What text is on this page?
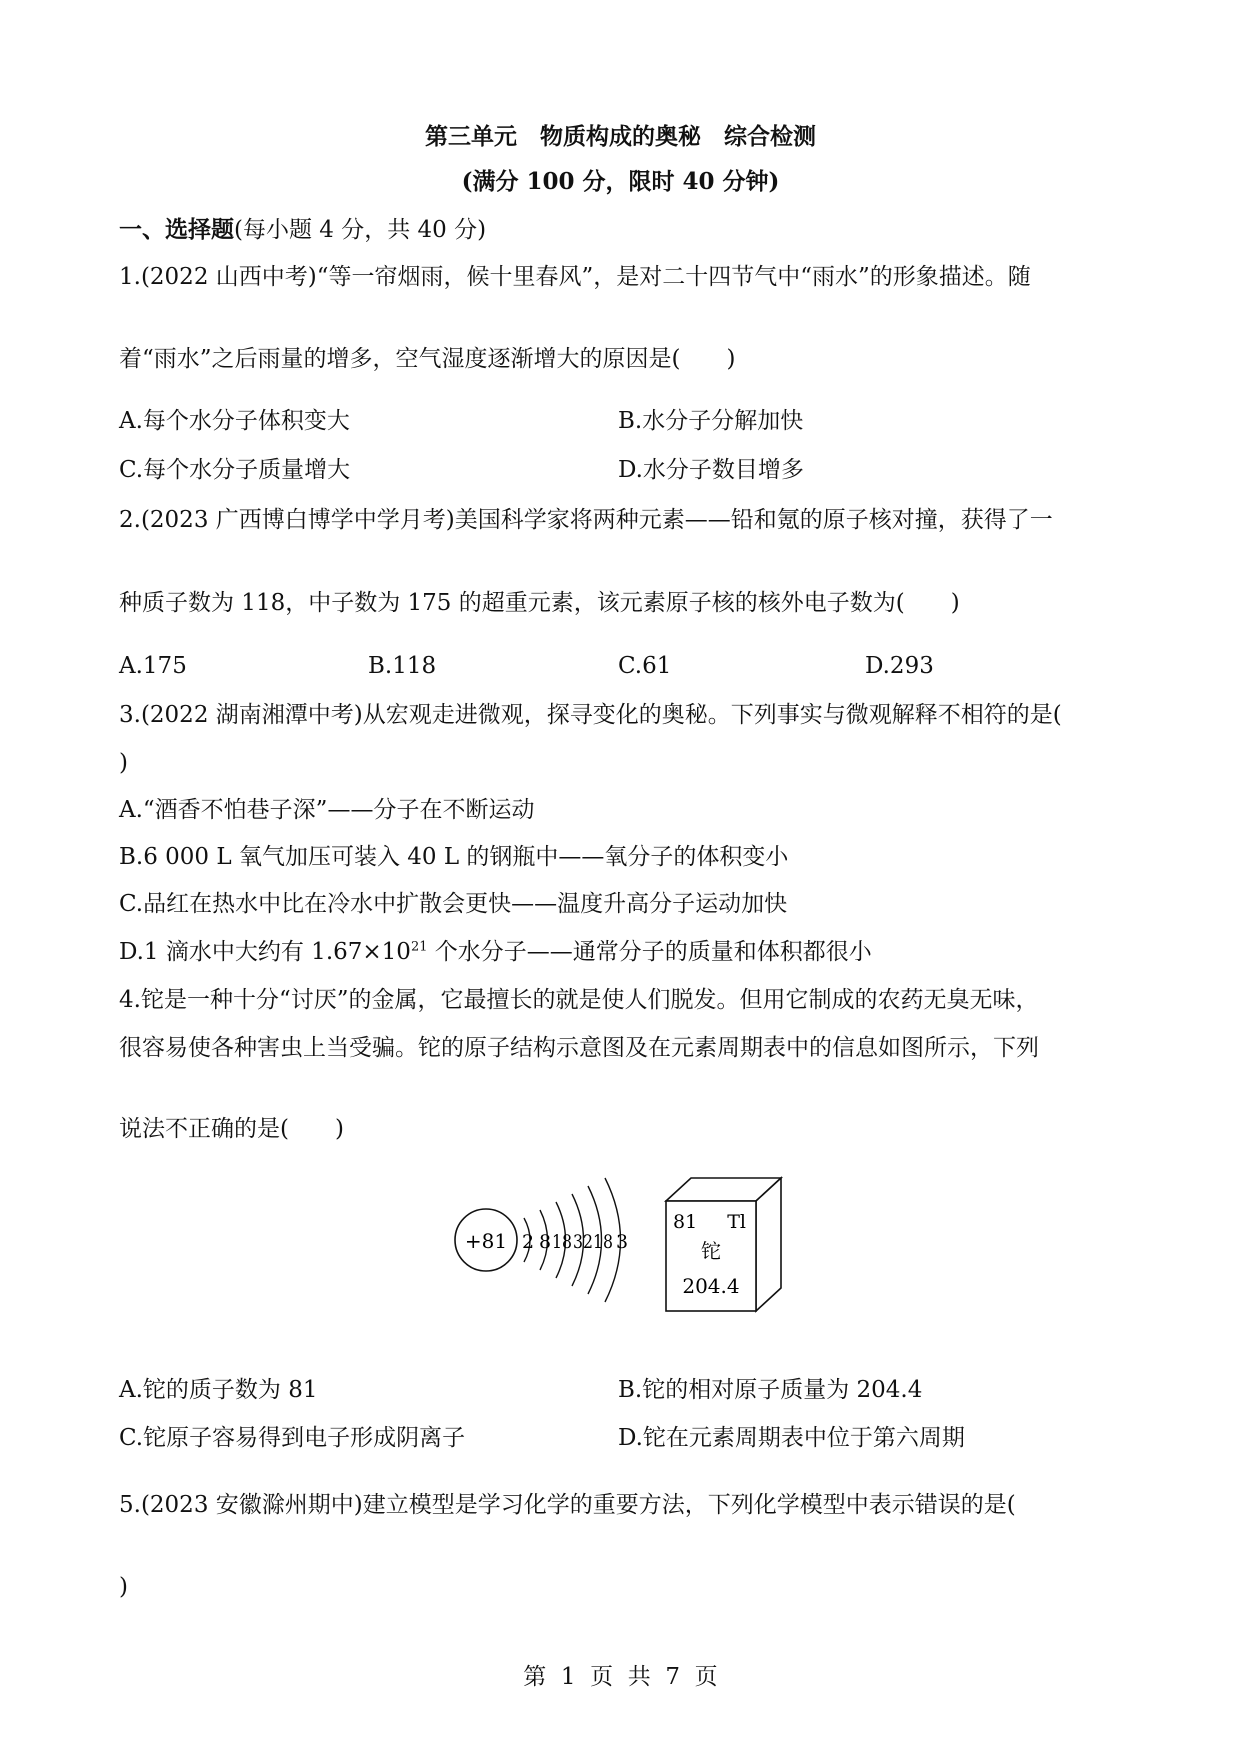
第三单元　物质构成的奥秘　综合检测
(满分 100 分，限时 40 分钟)
一、选择题(每小题 4 分，共 40 分)
1.(2022 山西中考)“等一帘烟雨，候十里春风”，是对二十四节气中“雨水”的形象描述。随
着“雨水”之后雨量的增多，空气湿度逐渐增大的原因是(　　)
A.每个水分子体积变大	B.水分子分解加快
C.每个水分子质量增大	D.水分子数目增多
2.(2023 广西博白博学中学月考)美国科学家将两种元素——铅和氪的原子核对撞，获得了一
种质子数为 118，中子数为 175 的超重元素，该元素原子核的核外电子数为(　　)
A.175	B.118	C.61	D.293
3.(2022 湖南湘潭中考)从宏观走进微观，探寻变化的奥秘。下列事实与微观解释不相符的是(
)
A.“酒香不怕巷子深”——分子在不断运动
B.6 000 L 氧气加压可装入 40 L 的钢瓶中——氧分子的体积变小
C.品红在热水中比在冷水中扩散会更快——温度升高分子运动加快
D.1 滴水中大约有 $1.67\times 10^{21}$ 个水分子——通常分子的质量和体积都很小
4.铊是一种十分“讨厌”的金属，它最擅长的就是使人们脱发。但用它制成的农药无臭无味，
很容易使各种害虫上当受骗。铊的原子结构示意图及在元素周期表中的信息如图所示，下列
说法不正确的是(　　)
+81 2 8 18 32 18 3
81 Tl
铊
204.4
A.铊的质子数为 81	B.铊的相对原子质量为 204.4
C.铊原子容易得到电子形成阴离子	D.铊在元素周期表中位于第六周期
5.(2023 安徽滁州期中)建立模型是学习化学的重要方法，下列化学模型中表示错误的是(
)
第  1  页  共  7  页
